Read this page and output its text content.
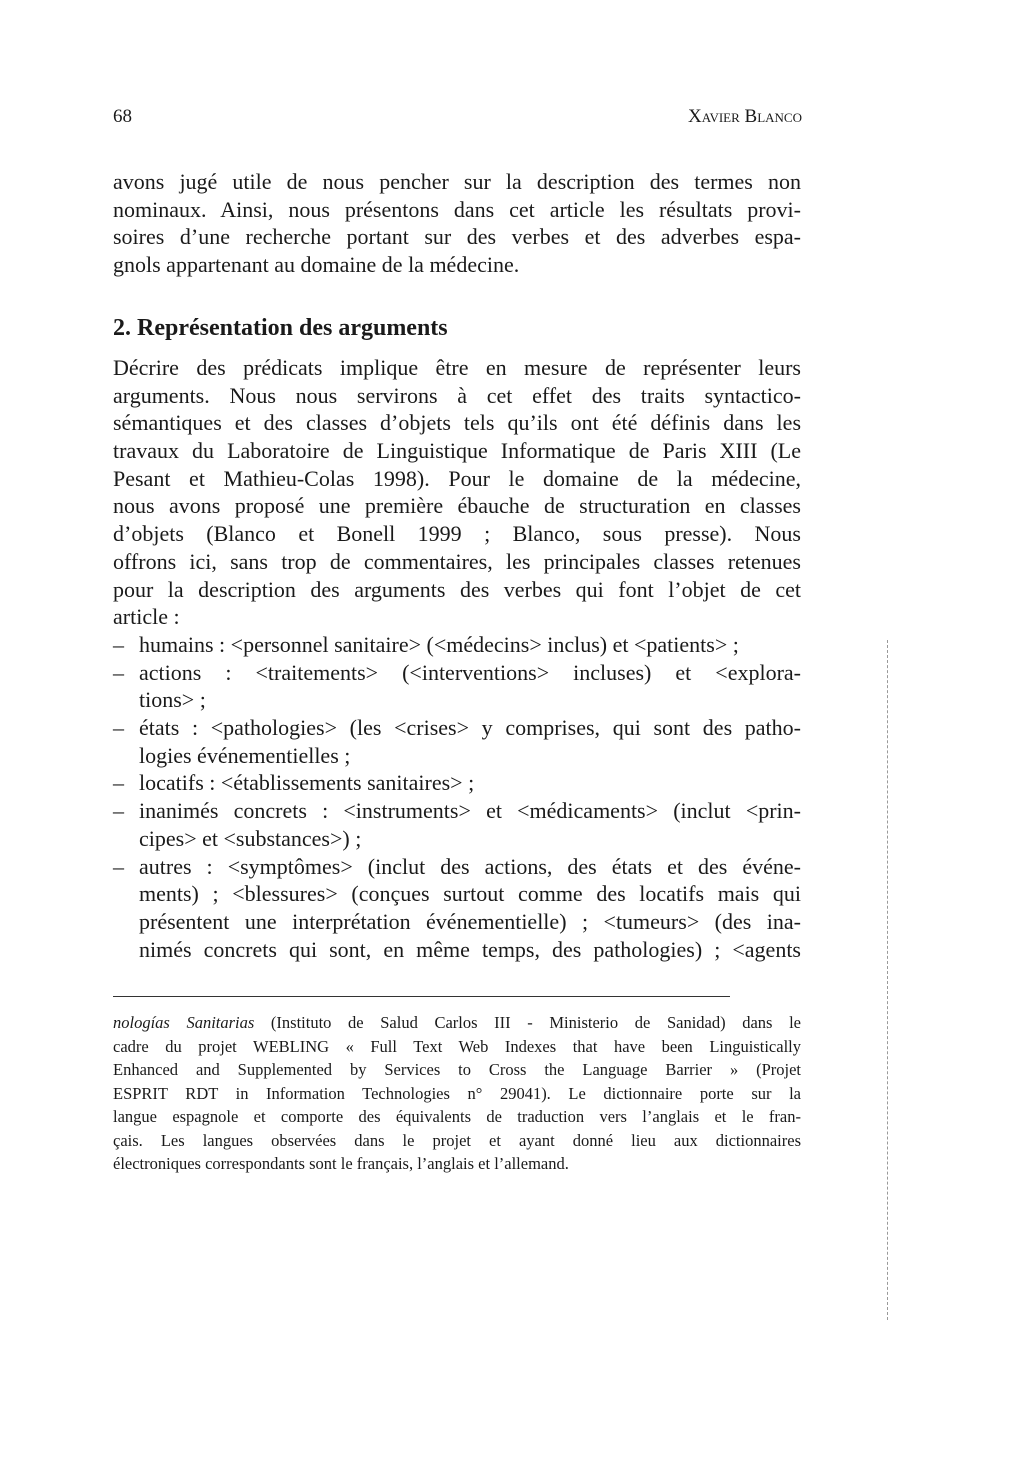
68	Xavier Blanco
avons jugé utile de nous pencher sur la description des termes non
nominaux. Ainsi, nous présentons dans cet article les résultats provi-
soires d’une recherche portant sur des verbes et des adverbes espa-
gnols appartenant au domaine de la médecine.
2. Représentation des arguments
Décrire des prédicats implique être en mesure de représenter leurs
arguments. Nous nous servirons à cet effet des traits syntactico-
sémantiques et des classes d’objets tels qu’ils ont été définis dans les
travaux du Laboratoire de Linguistique Informatique de Paris XIII (Le
Pesant et Mathieu-Colas 1998). Pour le domaine de la médecine,
nous avons proposé une première ébauche de structuration en classes
d’objets (Blanco et Bonell 1999 ; Blanco, sous presse). Nous
offrons ici, sans trop de commentaires, les principales classes retenues
pour la description des arguments des verbes qui font l’objet de cet
article :
– humains : <personnel sanitaire> (<médecins> inclus) et <patients> ;
– actions : <traitements> (<interventions> incluses) et <explora-
tions> ;
– états : <pathologies> (les <crises> y comprises, qui sont des patho-
logies événementielles ;
– locatifs : <établissements sanitaires> ;
– inanimés concrets : <instruments> et <médicaments> (inclut <prin-
cipes> et <substances>) ;
– autres : <symptômes> (inclut des actions, des états et des événe-
ments) ; <blessures> (conçues surtout comme des locatifs mais qui
présentent une interprétation événementielle) ; <tumeurs> (des ina-
nimés concrets qui sont, en même temps, des pathologies) ; <agents
nologías Sanitarias (Instituto de Salud Carlos III - Ministerio de Sanidad) dans le
cadre du projet WEBLING « Full Text Web Indexes that have been Linguistically
Enhanced and Supplemented by Services to Cross the Language Barrier » (Projet
ESPRIT RDT in Information Technologies n° 29041). Le dictionnaire porte sur la
langue espagnole et comporte des équivalents de traduction vers l’anglais et le fran-
çais. Les langues observées dans le projet et ayant donné lieu aux dictionnaires
électroniques correspondants sont le français, l’anglais et l’allemand.
